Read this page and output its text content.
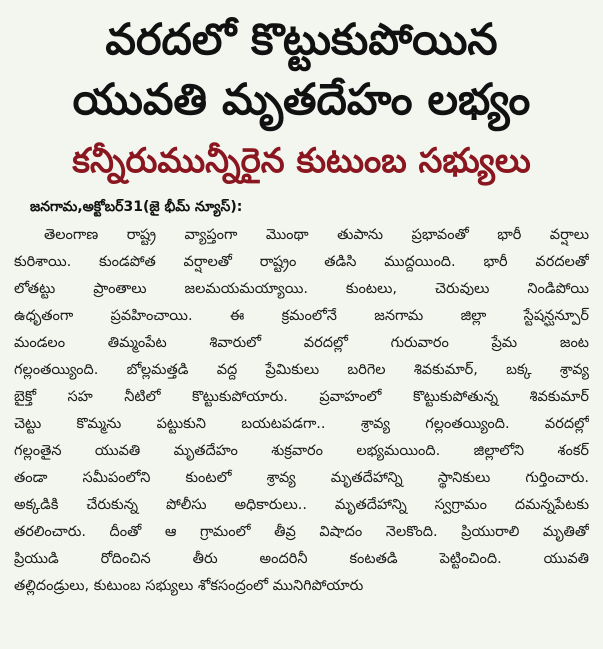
వరదలో కొట్టుకుపోయిన
యువతి మృతదేహం లభ్యం
కన్నీరుమున్నీరైన కుటుంబ సభ్యులు
జనగామ,అక్టోబర్31(జై భీమ్ న్యూస్):
తెలంగాణ రాష్ట్ర వ్యాప్తంగా మొంథా తుపాను ప్రభావంతో భారీ వర్షాలు
కురిశాయి. కుండపోత వర్షాలతో రాష్ట్రం తడిసి ముద్దయింది. భారీ వరదలతో
లోతట్టు ప్రాంతాలు జలమయమయ్యాయి. కుంటలు, చెరువులు నిండిపోయి
ఉధృతంగా ప్రవహించాయి. ఈ క్రమంలోనే జనగామ జిల్లా స్టేషన్ఘన్పూర్
మండలం తిమ్మంపేట శివారులో వరదల్లో గురువారం ప్రేమ జంట
గల్లంతయ్యింది. బోల్లమత్తడి వద్ద ప్రేమికులు బరిగెల శివకుమార్, బక్క శ్రావ్య
బైక్తో సహ నీటిలో కొట్టుకుపోయారు. ప్రవాహంలో కొట్టుకుపోతున్న శివకుమార్
చెట్టు కొమ్మను పట్టుకుని బయటపడగా.. శ్రావ్య గల్లంతయ్యింది. వరదల్లో
గల్లంతైన యువతి మృతదేహం శుక్రవారం లభ్యమయింది. జిల్లాలోని శంకర్
తండా సమీపంలోని కుంటలో శ్రావ్య మృతదేహాన్ని స్థానికులు గుర్తించారు.
అక్కడికి చేరుకున్న పోలీసు అధికారులు.. మృతదేహాన్ని స్వగ్రామం దమన్నపేటకు
తరలించారు. దీంతో ఆ గ్రామంలో తీవ్ర విషాదం నెలకొంది. ప్రియురాలి మృతితో
ప్రియుడి రోదించిన తీరు అందరినీ కంటతడి పెట్టించింది. యువతి
తల్లిదండ్రులు, కుటుంబ సభ్యులు శోకసంద్రంలో మునిగిపోయారు
